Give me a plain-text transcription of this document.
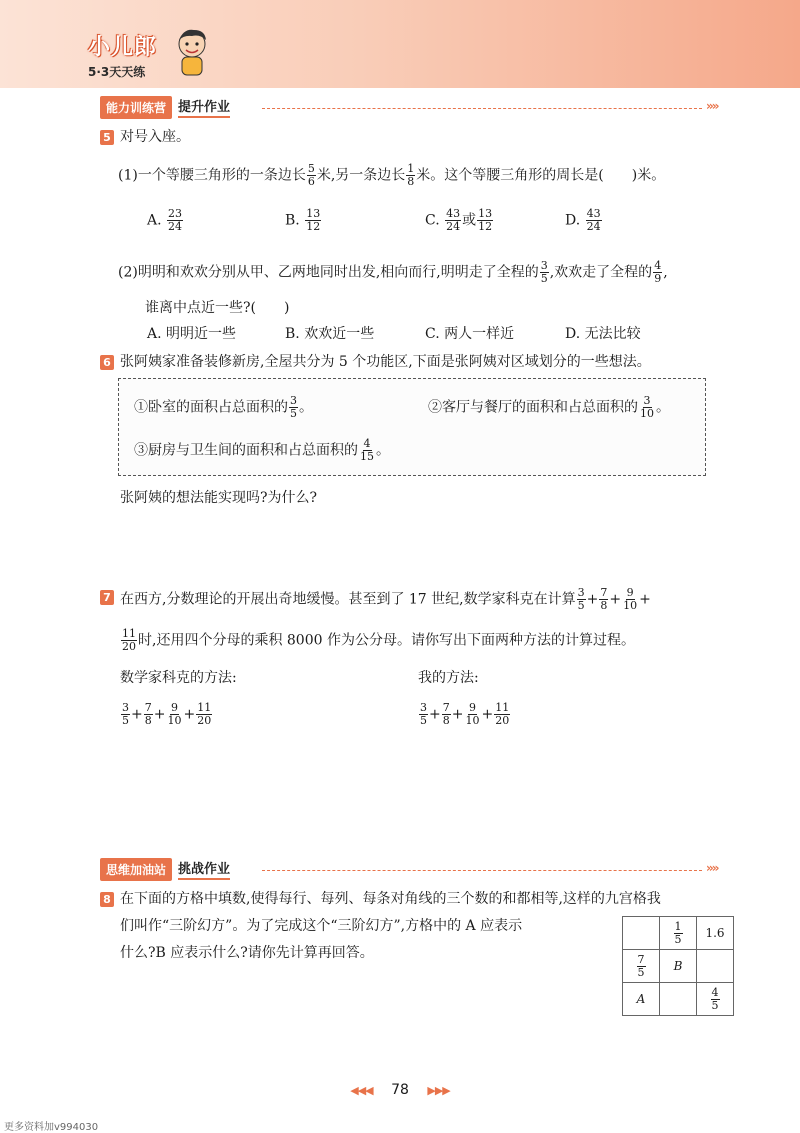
小儿郎
5·3天天练
能力训练营 提升作业	»»
5 对号入座。
(1)一个等腰三角形的一条边长 $\frac{5}{6}$ 米,另一条边长 $\frac{1}{8}$ 米。这个等腰三角形的周长是(　　)米。
A. $\frac{23}{24}$	B. $\frac{13}{12}$	C. $\frac{43}{24}$ 或 $\frac{13}{12}$	D. $\frac{43}{24}$
(2)明明和欢欢分别从甲、乙两地同时出发,相向而行,明明走了全程的 $\frac{3}{5}$ ,欢欢走了全程的 $\frac{4}{9}$ ,
谁离中点近一些?(　　)
A. 明明近一些	B. 欢欢近一些	C. 两人一样近	D. 无法比较
6 张阿姨家准备装修新房,全屋共分为 5 个功能区,下面是张阿姨对区域划分的一些想法。
①卧室的面积占总面积的 $\frac{3}{5}$ 。	②客厅与餐厅的面积和占总面积的 $\frac{3}{10}$ 。
③厨房与卫生间的面积和占总面积的 $\frac{4}{15}$ 。
张阿姨的想法能实现吗?为什么?
7 在西方,分数理论的开展出奇地缓慢。甚至到了 17 世纪,数学家科克在计算 $\frac{3}{5} + \frac{7}{8} + \frac{9}{10}$ +
$\frac{11}{20}$ 时,还用四个分母的乘积 8000 作为公分母。请你写出下面两种方法的计算过程。
数学家科克的方法:	我的方法:
$\frac{3}{5} + \frac{7}{8} + \frac{9}{10} + \frac{11}{20}$	$\frac{3}{5} + \frac{7}{8} + \frac{9}{10} + \frac{11}{20}$
思维加油站 挑战作业	»»
8 在下面的方格中填数,使得每行、每列、每条对角线的三个数的和都相等,这样的九宫格我
们叫作“三阶幻方”。为了完成这个“三阶幻方”,方格中的 A 应表示
什么?B 应表示什么?请你先计算再回答。

	$\frac{1}{5}$	1.6

$\frac{7}{5}$	B	
A		$\frac{4}{5}$
◀◀◀ 78 ▶▶▶
更多资料加v994030
